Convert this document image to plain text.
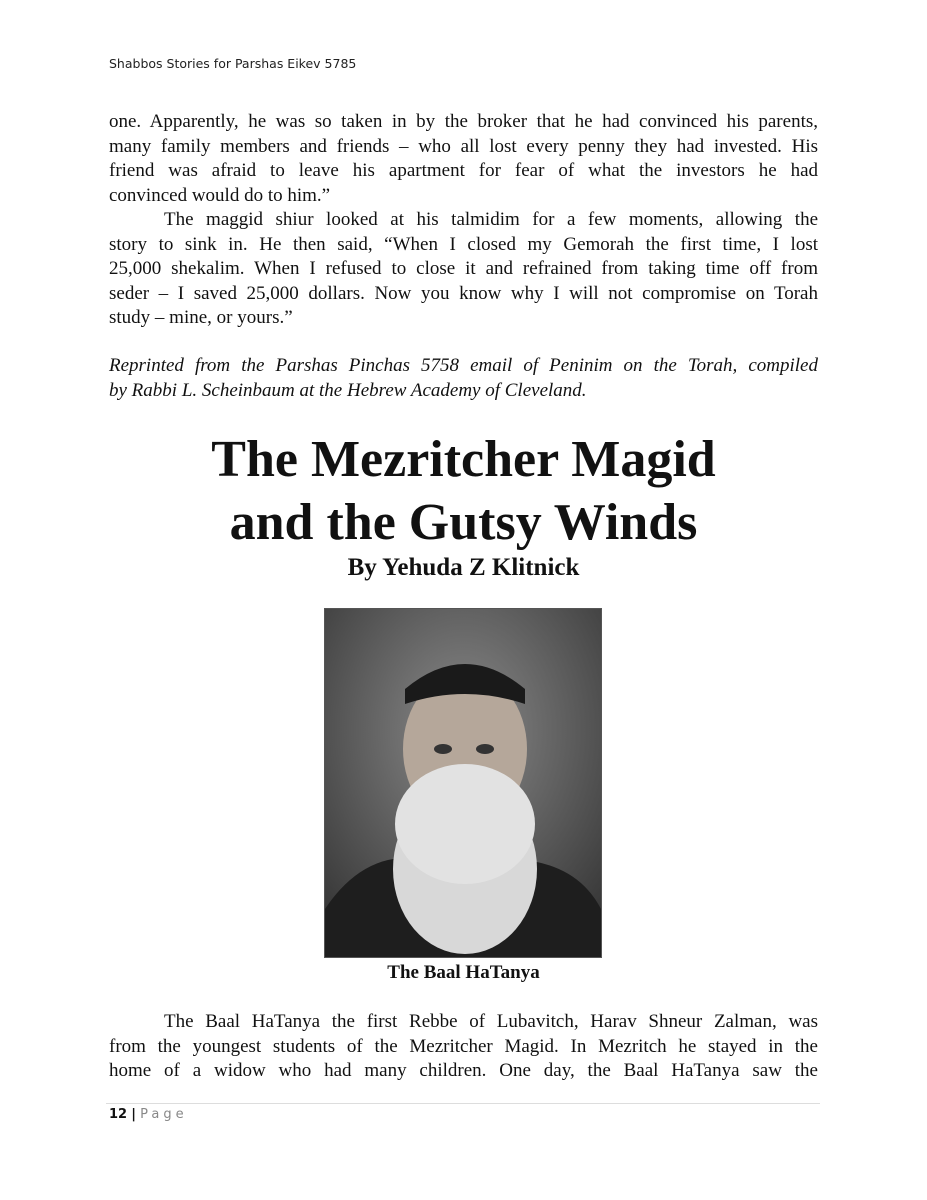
Shabbos Stories for Parshas Eikev 5785
one. Apparently, he was so taken in by the broker that he had convinced his parents,
many family members and friends – who all lost every penny they had invested. His
friend was afraid to leave his apartment for fear of what the investors he had
convinced would do to him.”
The maggid shiur looked at his talmidim for a few moments, allowing the
story to sink in. He then said, “When I closed my Gemorah the first time, I lost
25,000 shekalim. When I refused to close it and refrained from taking time off from
seder – I saved 25,000 dollars. Now you know why I will not compromise on Torah
study – mine, or yours.”
Reprinted from the Parshas Pinchas 5758 email of Peninim on the Torah, compiled
by Rabbi L. Scheinbaum at the Hebrew Academy of Cleveland.
The Mezritcher Magid
and the Gutsy Winds
By Yehuda Z Klitnick
The Baal HaTanya
The Baal HaTanya the first Rebbe of Lubavitch, Harav Shneur Zalman, was
from the youngest students of the Mezritcher Magid. In Mezritch he stayed in the
home of a widow who had many children. One day, the Baal HaTanya saw the
12 | Page
